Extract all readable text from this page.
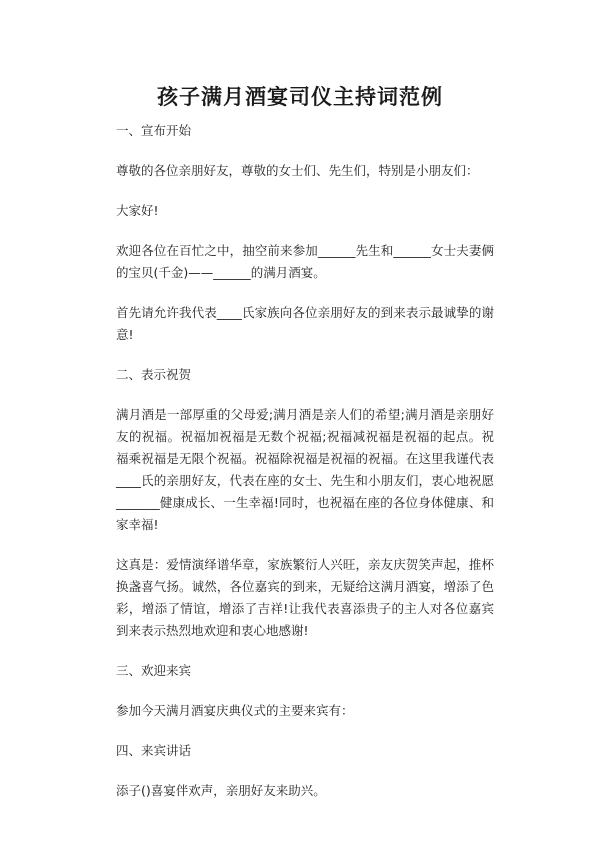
孩子满月酒宴司仪主持词范例

一、宣布开始

尊敬的各位亲朋好友，尊敬的女士们、先生们，特别是小朋友们：

大家好!

欢迎各位在百忙之中，抽空前来参加______先生和______女士夫妻俩的宝贝(千金)——______的满月酒宴。

首先请允许我代表____氏家族向各位亲朋好友的到来表示最诚挚的谢意!

二、表示祝贺

满月酒是一部厚重的父母爱;满月酒是亲人们的希望;满月酒是亲朋好友的祝福。祝福加祝福是无数个祝福;祝福减祝福是祝福的起点。祝福乘祝福是无限个祝福。祝福除祝福是祝福的祝福。在这里我谨代表____氏的亲朋好友，代表在座的女士、先生和小朋友们，衷心地祝愿_______健康成长、一生幸福!同时，也祝福在座的各位身体健康、和家幸福!

这真是：爱情演绎谱华章，家族繁衍人兴旺，亲友庆贺笑声起，推杯换盏喜气扬。诚然，各位嘉宾的到来，无疑给这满月酒宴，增添了色彩，增添了情谊，增添了吉祥!让我代表喜添贵子的主人对各位嘉宾到来表示热烈地欢迎和衷心地感谢!

三、欢迎来宾

参加今天满月酒宴庆典仪式的主要来宾有：

四、来宾讲话

添子()喜宴伴欢声，亲朋好友来助兴。
